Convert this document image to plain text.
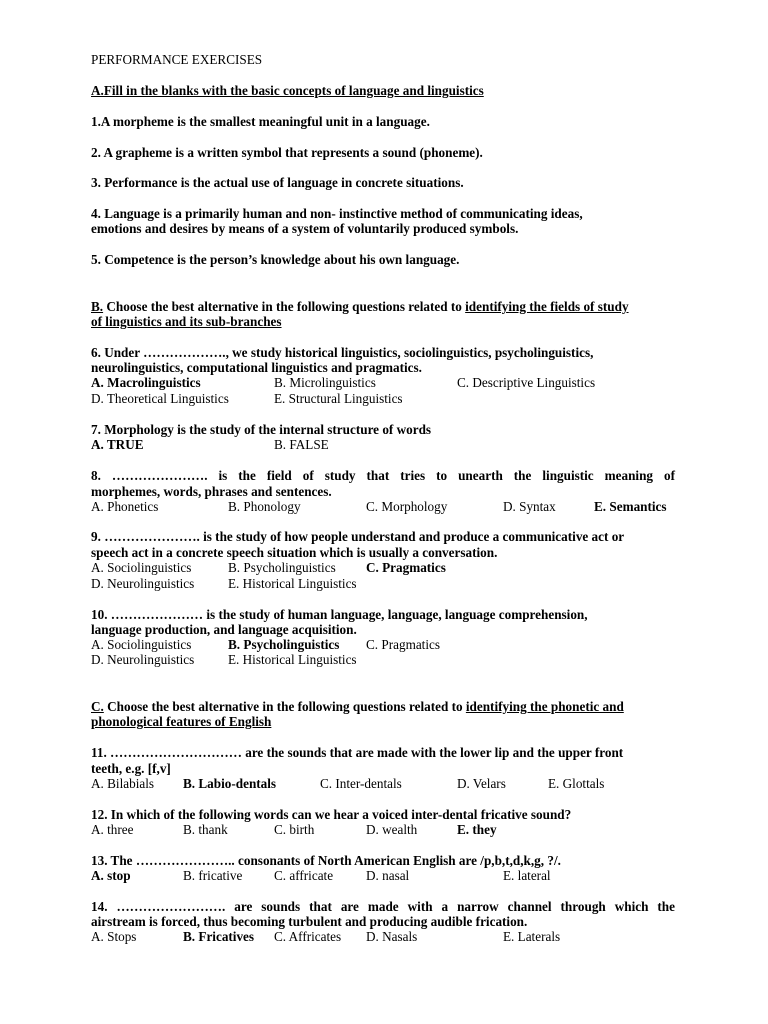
PERFORMANCE EXERCISES
A.Fill in the blanks with the basic concepts of language and linguistics
1.A morpheme is the smallest meaningful unit in a language.
2. A grapheme is a written symbol that represents a sound (phoneme).
3. Performance is the actual use of language in concrete situations.
4. Language is a primarily human and non- instinctive method of communicating ideas,
emotions and desires by means of a system of voluntarily produced symbols.
5. Competence is the person’s knowledge about his own language.
B. Choose the best alternative in the following questions related to identifying the fields of study
of linguistics and its sub-branches
6. Under ………………., we study historical linguistics, sociolinguistics, psycholinguistics,
neurolinguistics, computational linguistics and pragmatics.
A. Macrolinguistics	B. Microlinguistics	C. Descriptive Linguistics
D. Theoretical Linguistics	E. Structural Linguistics
7. Morphology is the study of the internal structure of words
A. TRUE	B. FALSE
8. …………………. is the field of study that tries to unearth the linguistic meaning of
morphemes, words, phrases and sentences.
A. Phonetics	B. Phonology	C. Morphology	D. Syntax	E. Semantics
9. …………………. is the study of how people understand and produce a communicative act or
speech act in a concrete speech situation which is usually a conversation.
A. Sociolinguistics	B. Psycholinguistics C. Pragmatics
D. Neurolinguistics	E. Historical Linguistics
10. ………………… is the study of human language, language, language comprehension,
language production, and language acquisition.
A. Sociolinguistics	B. Psycholinguistics C. Pragmatics
D. Neurolinguistics	E. Historical Linguistics
C. Choose the best alternative in the following questions related to identifying the phonetic and
phonological features of English
11. ………………………… are the sounds that are made with the lower lip and the upper front
teeth, e.g. [f,v]
A. Bilabials B. Labio-dentals	C. Inter-dentals	D. Velars	E. Glottals
12. In which of the following words can we hear a voiced inter-dental fricative sound?
A. three	B. thank	C. birth	D. wealth	E. they
13. The ………………….. consonants of North American English are /p,b,t,d,k,g, ?/.
A. stop	B. fricative C. affricate D. nasal	E. lateral
14. ……………………. are sounds that are made with a narrow channel through which the
airstream is forced, thus becoming turbulent and producing audible frication.
A. Stops	B. Fricatives C. Affricates D. Nasals	E. Laterals
